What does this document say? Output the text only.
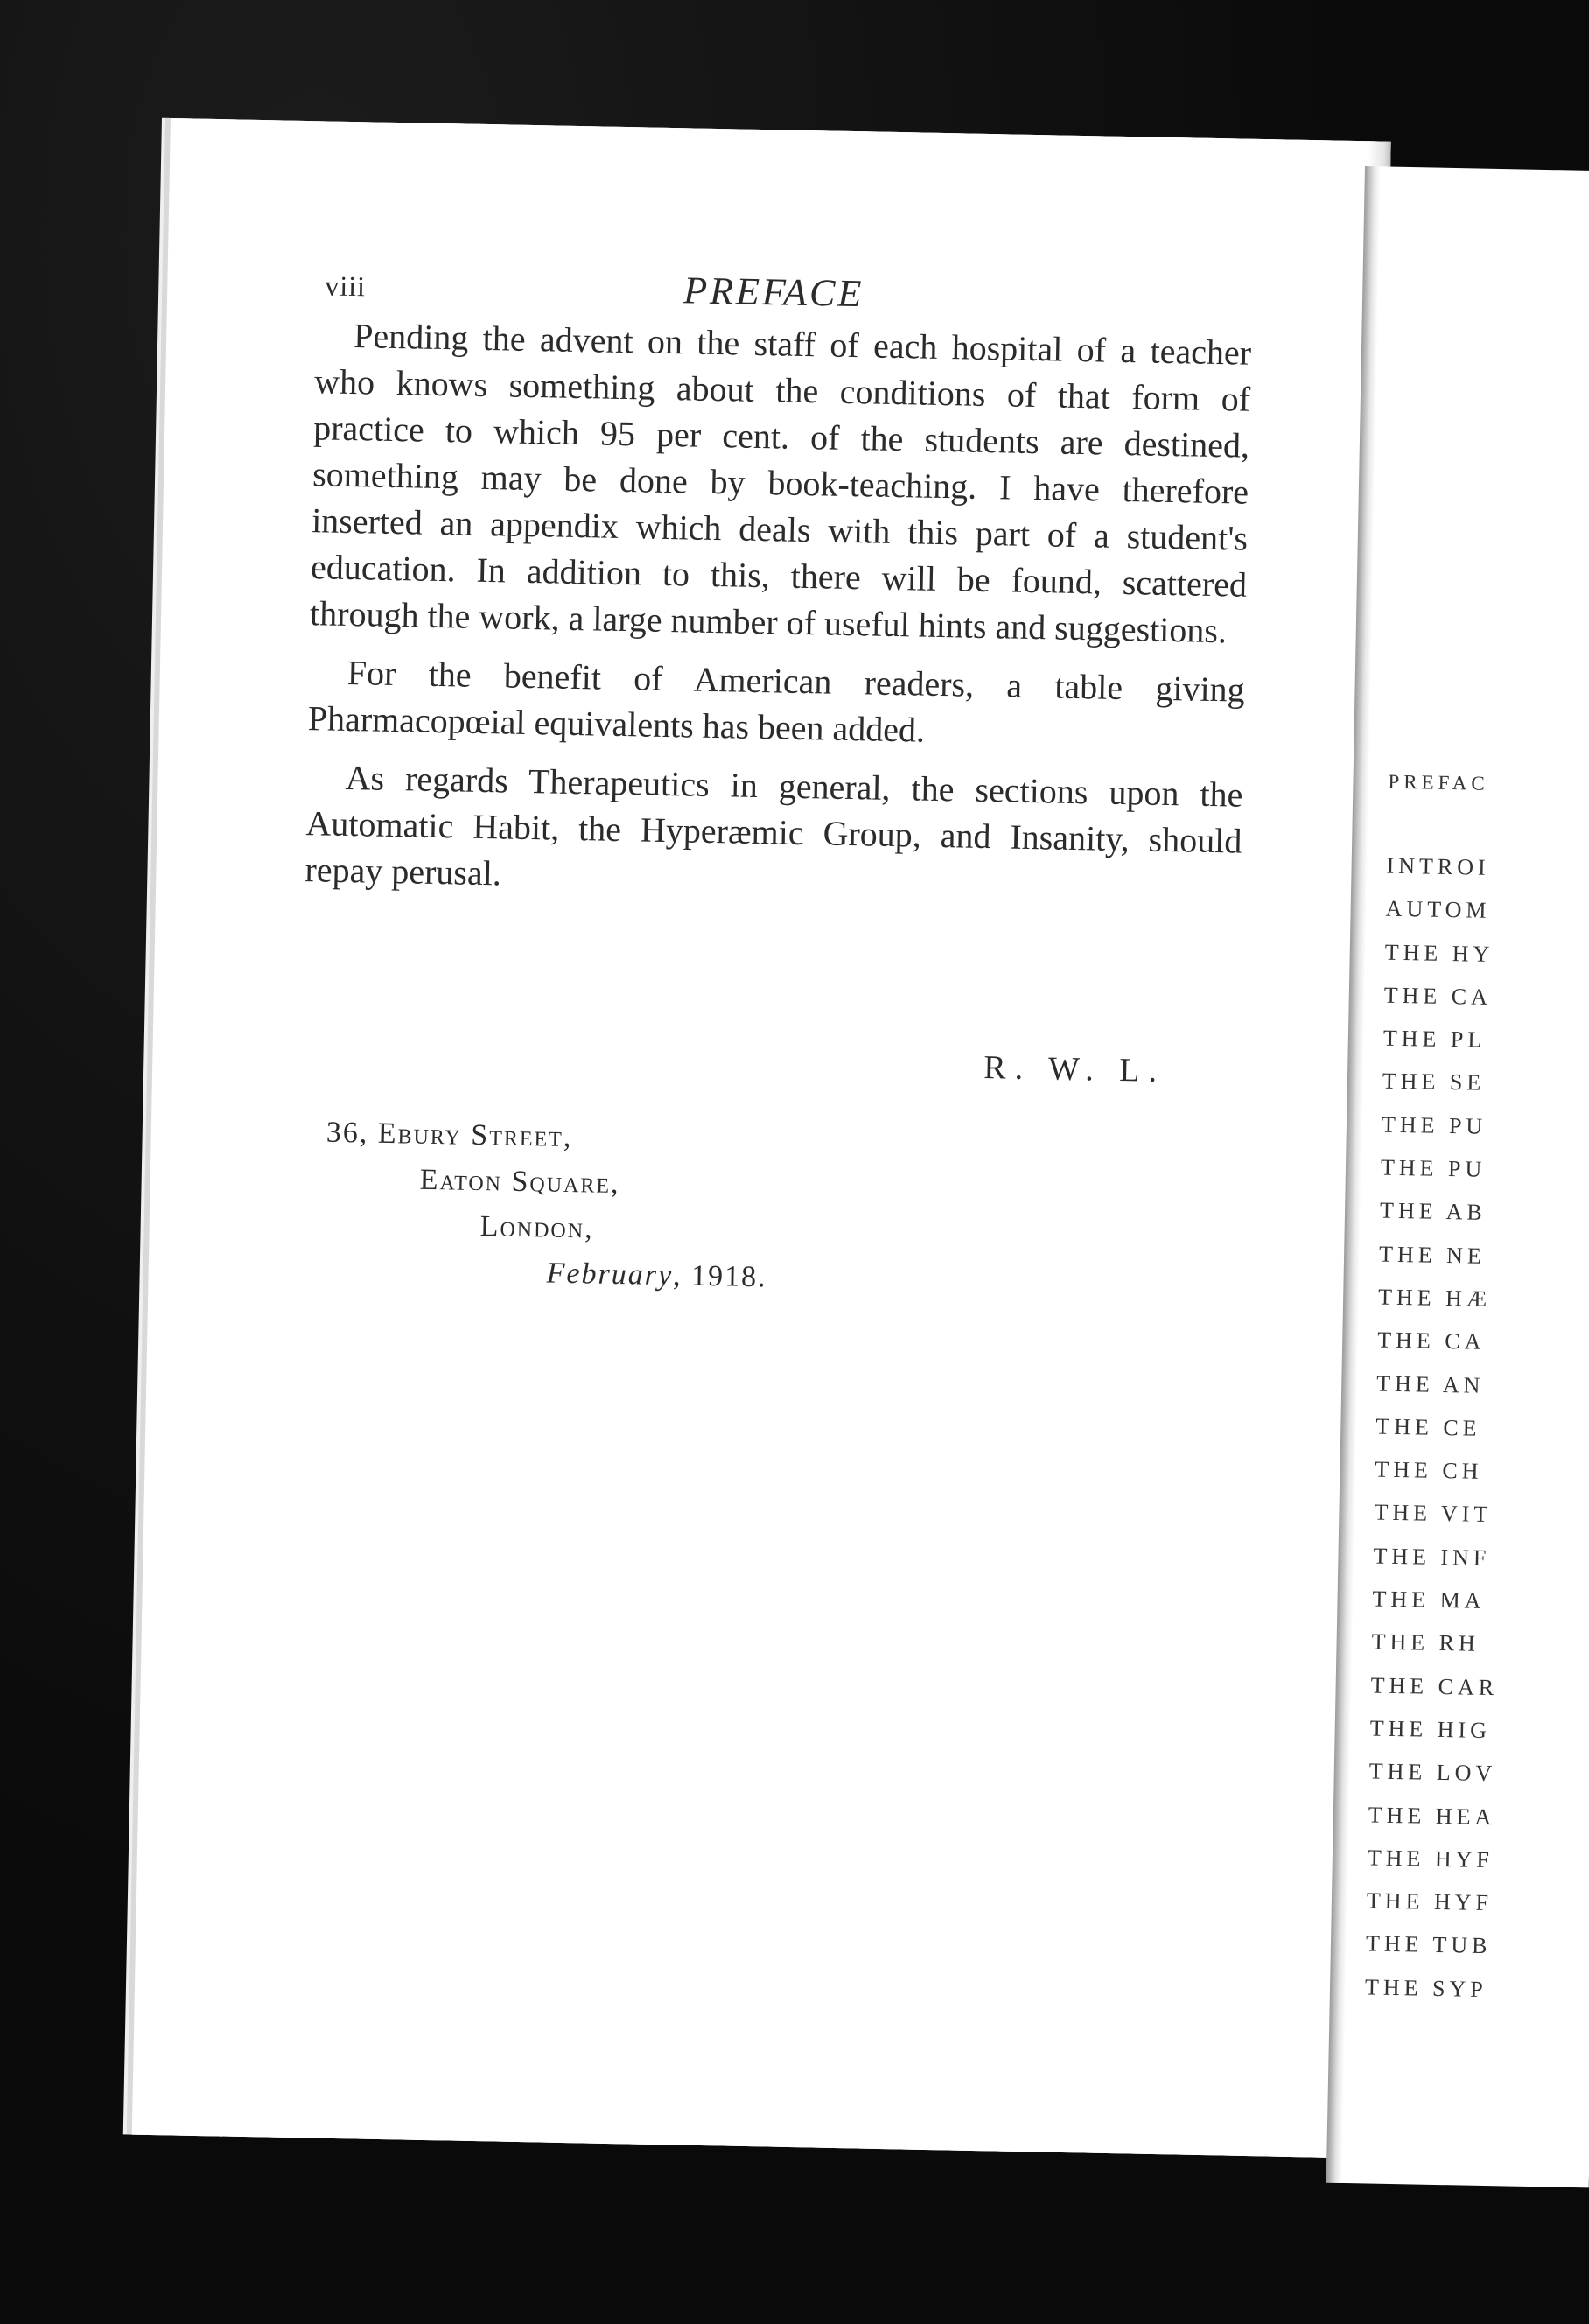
viii	PREFACE

Pending the advent on the staff of each hospital of a teacher who knows something about the conditions of that form of practice to which 95 per cent. of the students are destined, something may be done by book-teaching. I have therefore inserted an appendix which deals with this part of a student's education. In addition to this, there will be found, scattered through the work, a large number of useful hints and suggestions.

For the benefit of American readers, a table giving Pharmacopœial equivalents has been added.

As regards Therapeutics in general, the sections upon the Automatic Habit, the Hyperæmic Group, and Insanity, should repay perusal.

R. W. L.
36, Ebury Street,
Eaton Square,
London,
February, 1918.
PREFAC
INTROI
AUTOM
THE HY
THE CA
THE PL
THE SE
THE PU
THE PU
THE AB
THE NE
THE HÆ
THE CA
THE AN
THE CE
THE CH
THE VIT
THE INF
THE MA
THE RH
THE CAR
THE HIG
THE LOV
THE HEA
THE HYF
THE HYF
THE TUB
THE SYP
